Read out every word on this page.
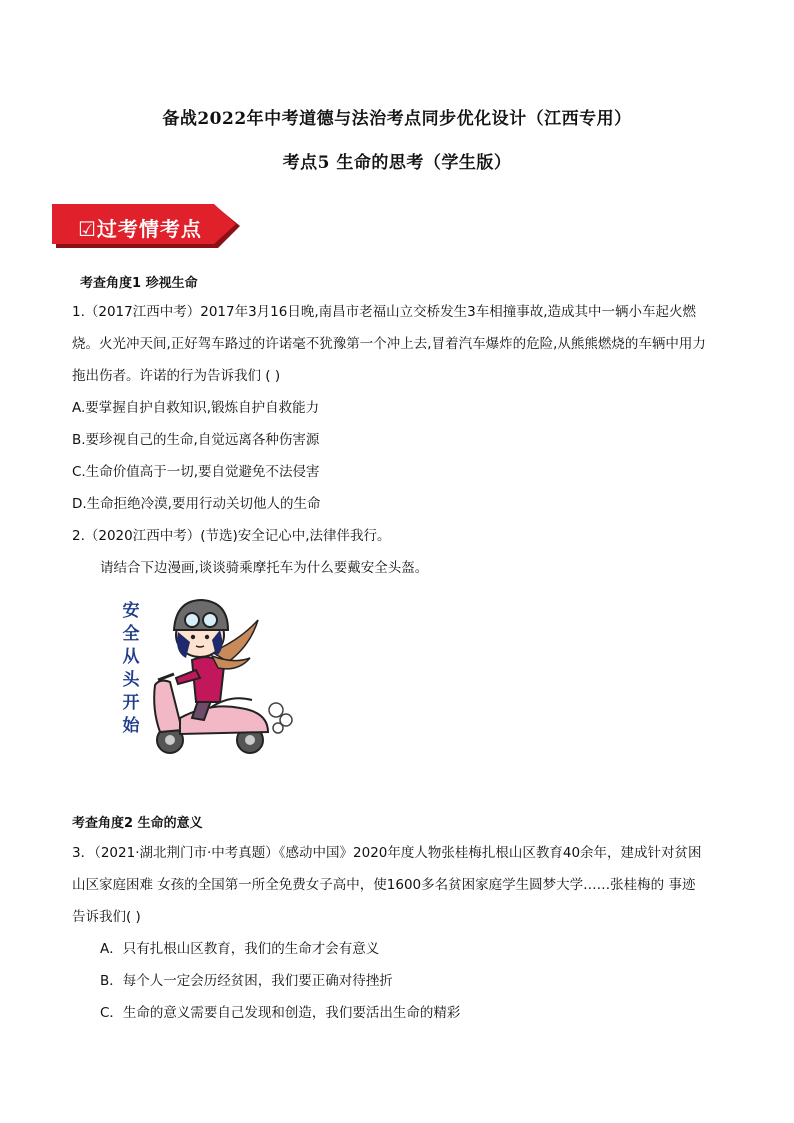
备战2022年中考道德与法治考点同步优化设计（江西专用）
考点5 生命的思考（学生版）
☑过考情考点
考查角度1 珍视生命
1.（2017江西中考）2017年3月16日晚,南昌市老福山立交桥发生3车相撞事故,造成其中一辆小车起火燃
烧。火光冲天间,正好驾车路过的许诺毫不犹豫第一个冲上去,冒着汽车爆炸的危险,从熊熊燃烧的车辆中用力
拖出伤者。许诺的行为告诉我们 ( )
A.要掌握自护自救知识,锻炼自护自救能力
B.要珍视自己的生命,自觉远离各种伤害源
C.生命价值高于一切,要自觉避免不法侵害
D.生命拒绝冷漠,要用行动关切他人的生命
2.（2020江西中考）(节选)安全记心中,法律伴我行。
请结合下边漫画,谈谈骑乘摩托车为什么要戴安全头盔。
安
全
从
头
开
始
考查角度2 生命的意义
3．（2021·湖北荆门市·中考真题）《感动中国》2020年度人物张桂梅扎根山区教育40余年，建成针对贫困
山区家庭困难 女孩的全国第一所全免费女子高中，使1600多名贫困家庭学生圆梦大学……张桂梅的 事迹
告诉我们( )
A．只有扎根山区教育，我们的生命才会有意义
B．每个人一定会历经贫困，我们要正确对待挫折
C．生命的意义需要自己发现和创造，我们要活出生命的精彩
